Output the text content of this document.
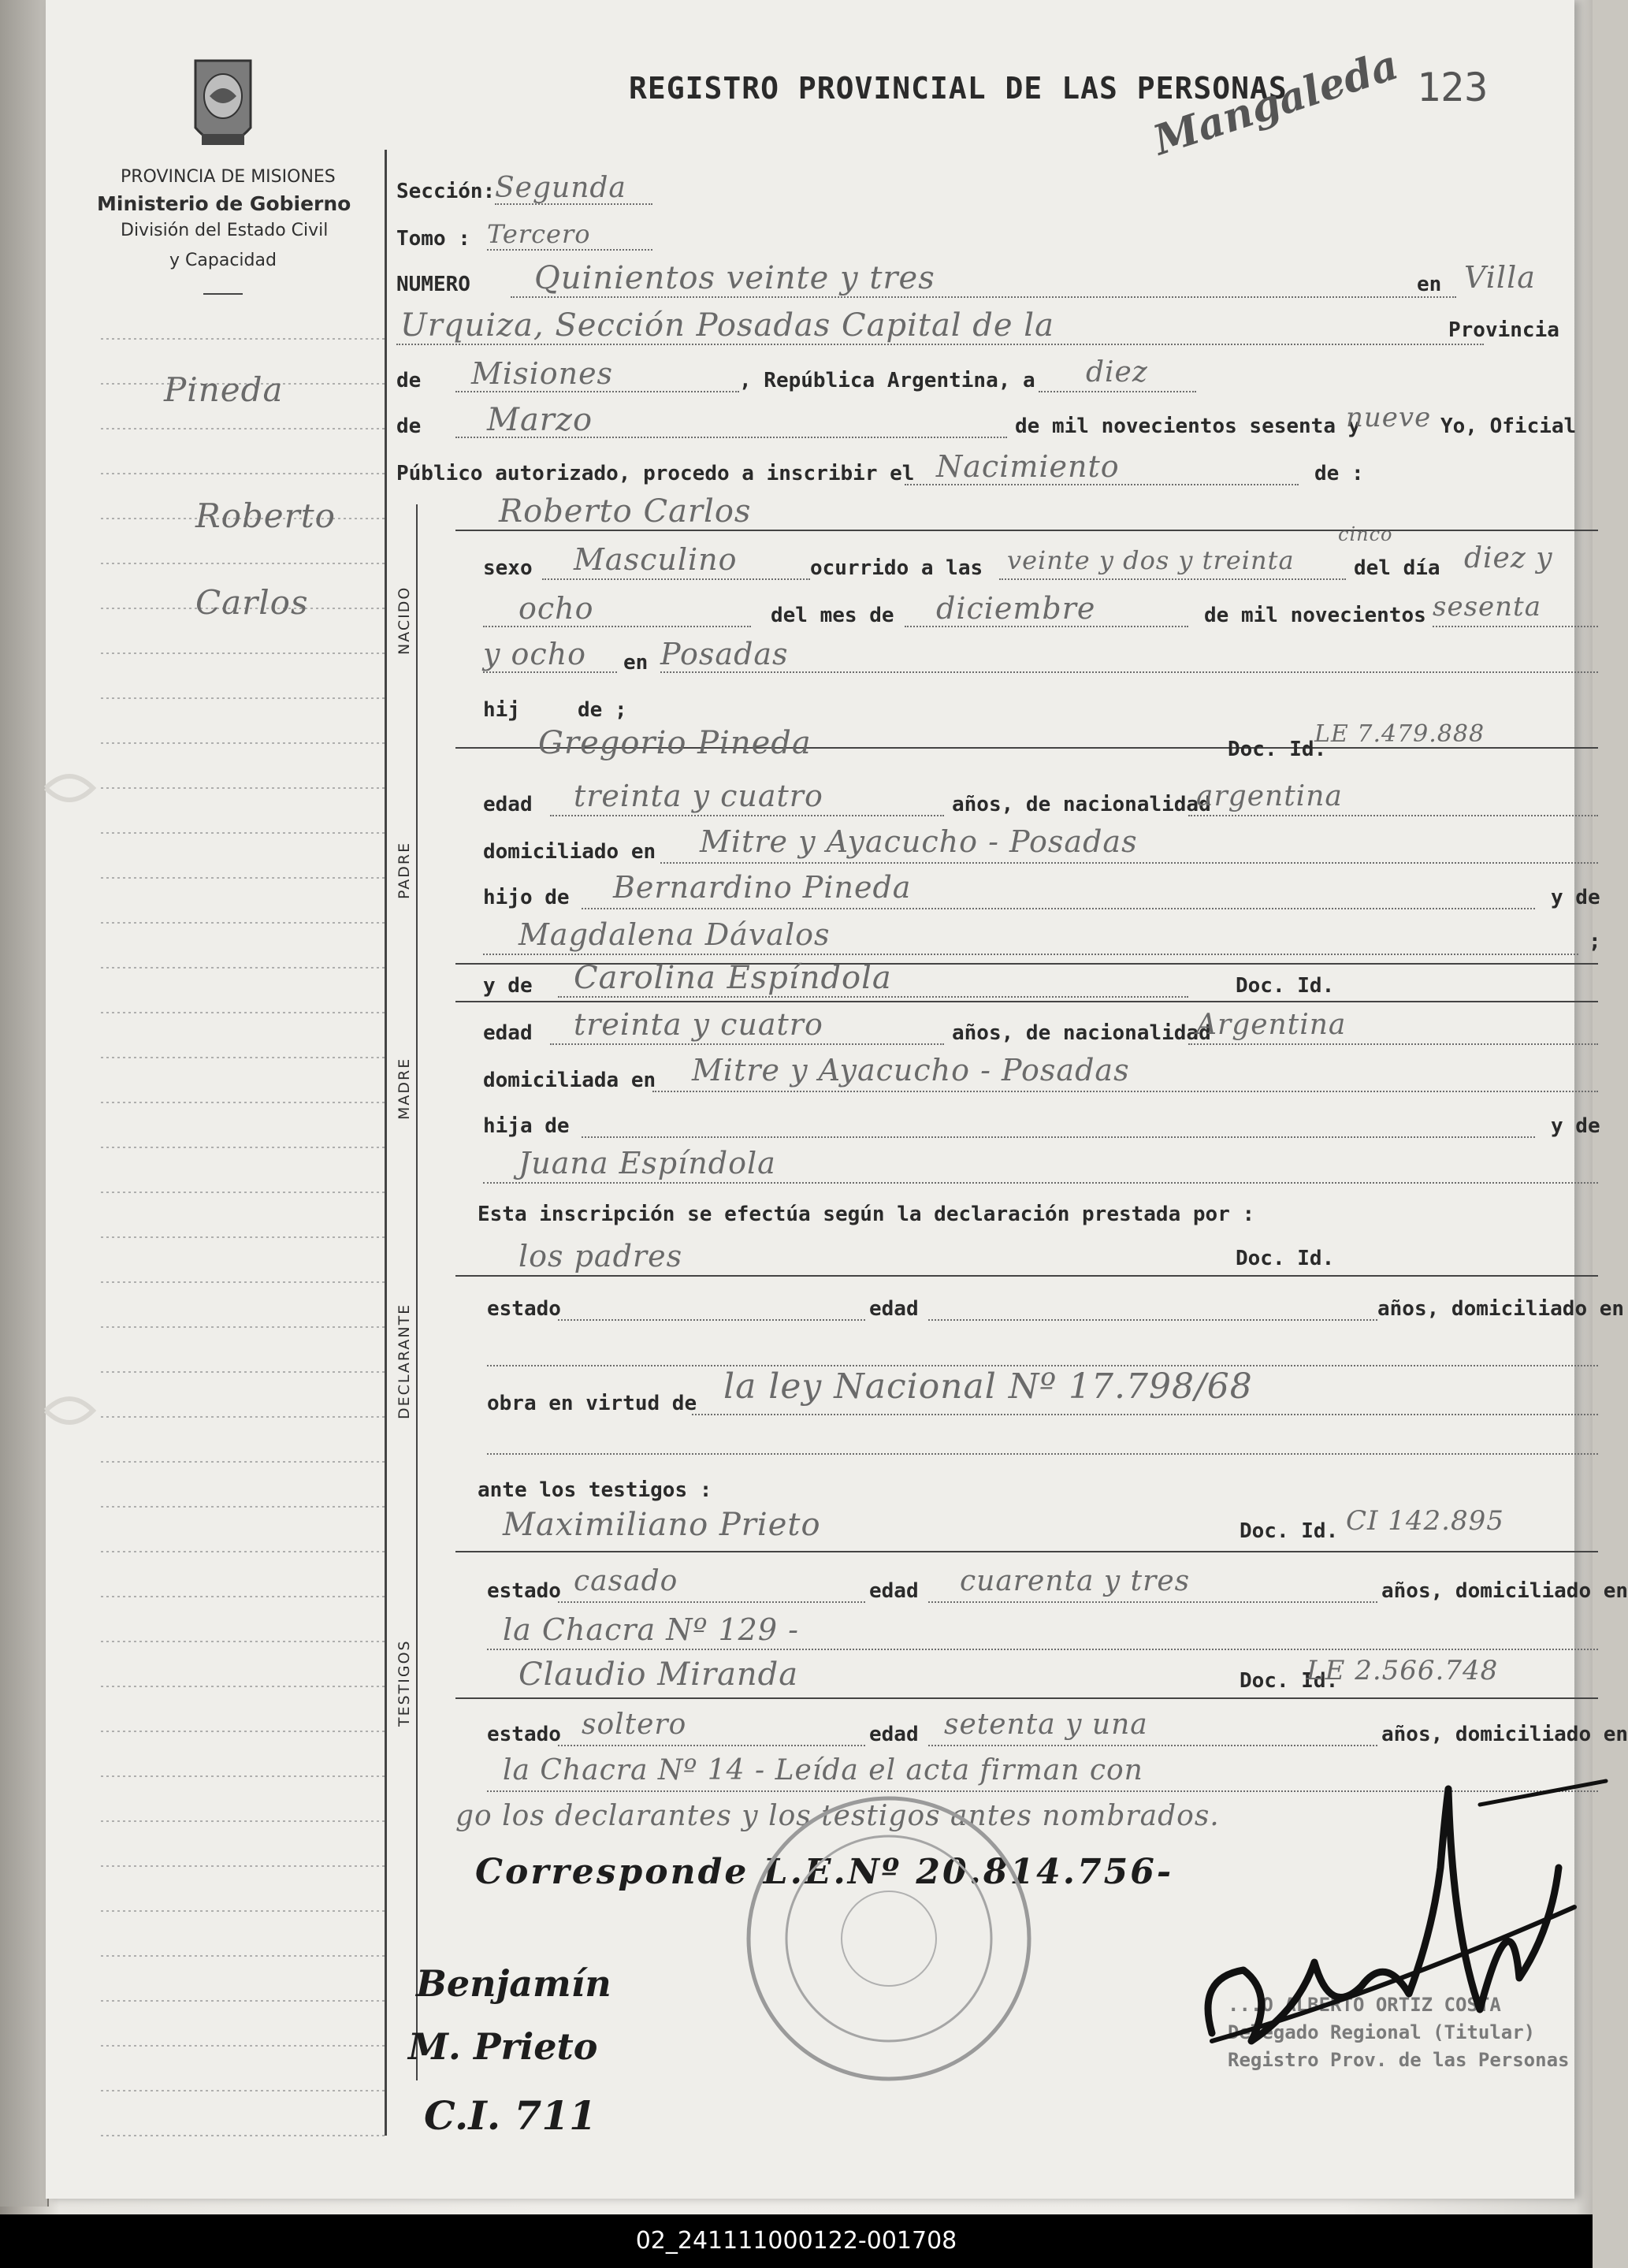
PROVINCIA DE MISIONES
Ministerio de Gobierno
División del Estado Civil
y Capacidad
REGISTRO PROVINCIAL DE LAS PERSONAS	123
Mangaleda
Pineda
Roberto
Carlos
Benjamín
M. Prieto
C.I. 711
Sección: Segunda
Tomo : Tercero
NUMERO Quinientos veinte y tres	en Villa
Urquiza, Sección Posadas Capital de la	Provincia
de Misiones	, República Argentina, a diez
de Marzo	de mil novecientos sesenta y
nueve Yo, Oficial
Público autorizado, procedo a inscribir el Nacimiento	de :
Roberto Carlos
NACIDO
sexo Masculino	ocurrido a las veinte y dos y treinta
cinco
del día diez y
ocho	del mes de diciembre	de mil novecientos sesenta
y ocho en Posadas
hij	de ;
Gregorio Pineda	Doc. Id.
LE 7.479.888
PADRE
edad treinta y cuatro	años, de nacionalidad
argentina
domiciliado en Mitre y Ayacucho - Posadas
hijo de Bernardino Pineda	y de
Magdalena Dávalos	;
y de Carolina Espíndola	Doc. Id.
MADRE
edad treinta y cuatro	años, de nacionalidad
Argentina
domiciliada en Mitre y Ayacucho - Posadas
hija de	y de
Juana Espíndola
Esta inscripción se efectúa según la declaración prestada por :
los padres	Doc. Id.
DECLARANTE	estado	edad	años, domiciliado en
obra en virtud de la ley Nacional Nº 17.798/68
ante los testigos :
Maximiliano Prieto	Doc. Id. CI 142.895
TESTIGOS
estado casado	edad cuarenta y tres	años, domiciliado en
la Chacra Nº 129 -
Claudio Miranda	Doc. Id.
LE 2.566.748
estado soltero	edad setenta y una	años, domiciliado en
la Chacra Nº 14 - Leída el acta firman con
go los declarantes y los testigos antes nombrados.
Corresponde L.E.Nº 20.814.756-
...O ALBERTO ORTIZ COSTA
Delegado Regional (Titular)
Registro Prov. de las Personas
02_241111000122-001708
